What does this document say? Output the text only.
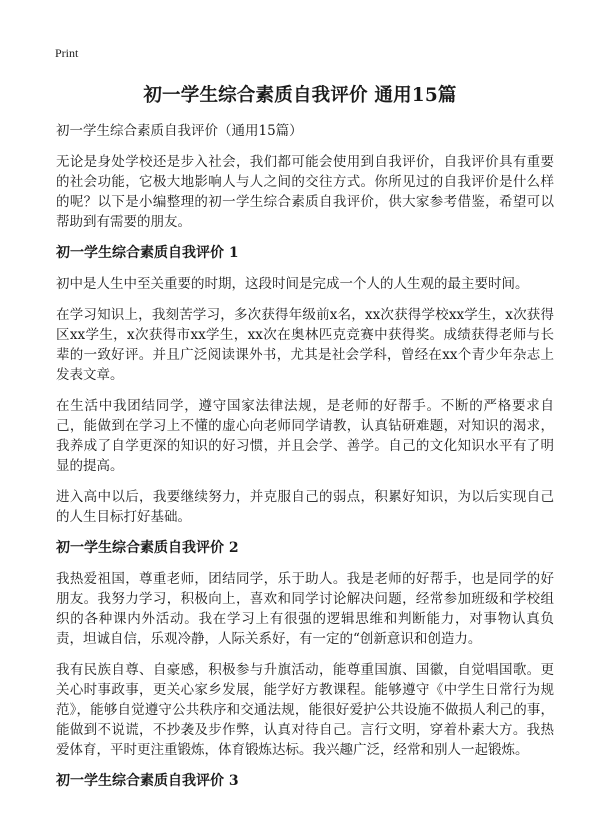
Print
初一学生综合素质自我评价 通用15篇

初一学生综合素质自我评价（通用15篇）

无论是身处学校还是步入社会，我们都可能会使用到自我评价，自我评价具有重要的社会功能，它极大地影响人与人之间的交往方式。你所见过的自我评价是什么样的呢？以下是小编整理的初一学生综合素质自我评价，供大家参考借鉴，希望可以帮助到有需要的朋友。

初一学生综合素质自我评价 1

初中是人生中至关重要的时期，这段时间是完成一个人的人生观的最主要时间。

在学习知识上，我刻苦学习，多次获得年级前x名，xx次获得学校xx学生，x次获得区xx学生，x次获得市xx学生，xx次在奥林匹克竞赛中获得奖。成绩获得老师与长辈的一致好评。并且广泛阅读课外书，尤其是社会学科，曾经在xx个青少年杂志上发表文章。

在生活中我团结同学，遵守国家法律法规，是老师的好帮手。不断的严格要求自己，能做到在学习上不懂的虚心向老师同学请教，认真钻研难题，对知识的渴求，我养成了自学更深的知识的好习惯，并且会学、善学。自己的文化知识水平有了明显的提高。

进入高中以后，我要继续努力，并克服自己的弱点，积累好知识，为以后实现自己的人生目标打好基础。

初一学生综合素质自我评价 2

我热爱祖国，尊重老师，团结同学，乐于助人。我是老师的好帮手，也是同学的好朋友。我努力学习，积极向上，喜欢和同学讨论解决问题，经常参加班级和学校组织的各种课内外活动。我在学习上有很强的逻辑思维和判断能力，对事物认真负责，坦诚自信，乐观冷静，人际关系好，有一定的“创新意识和创造力。

我有民族自尊、自豪感，积极参与升旗活动，能尊重国旗、国徽，自觉唱国歌。更关心时事政事，更关心家乡发展，能学好方教课程。能够遵守《中学生日常行为规范》，能够自觉遵守公共秩序和交通法规，能很好爱护公共设施不做损人利己的事，能做到不说谎，不抄袭及步作弊，认真对待自己。言行文明，穿着朴素大方。我热爱体育，平时更注重锻炼，体育锻炼达标。我兴趣广泛，经常和别人一起锻炼。

初一学生综合素质自我评价 3
